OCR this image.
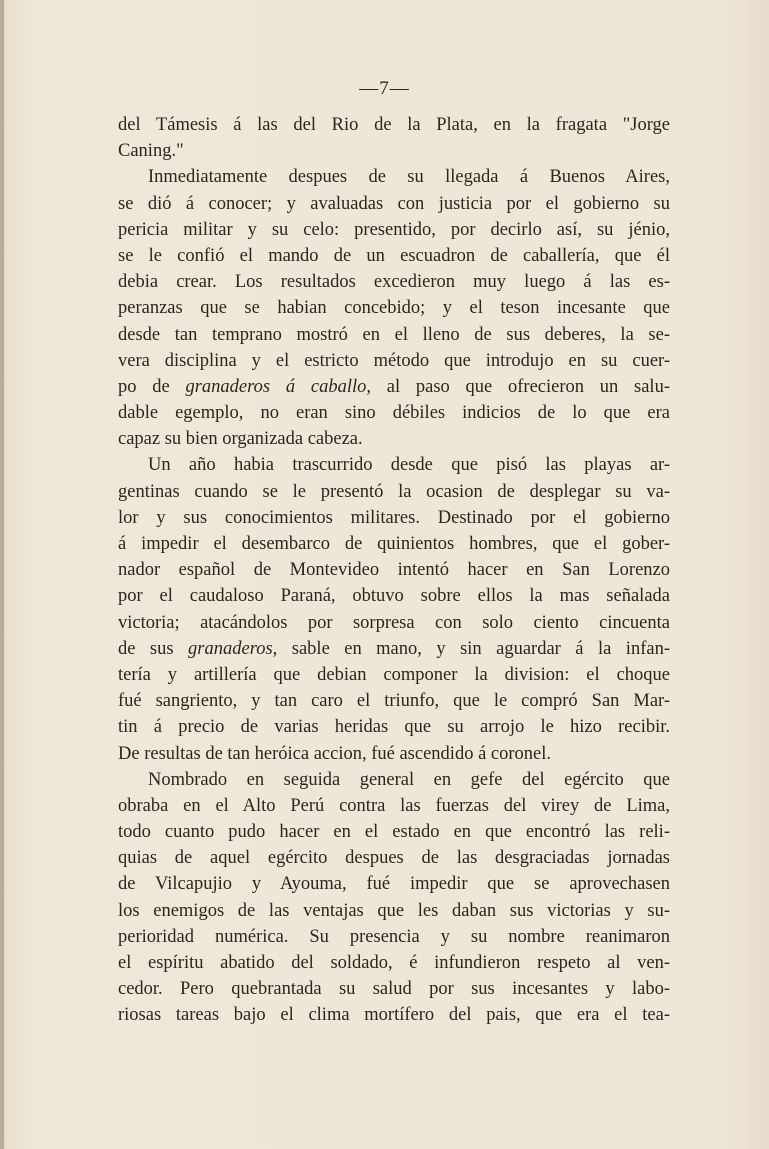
—7—
del Támesis á las del Rio de la Plata, en la fragata "Jorge
Caning."
Inmediatamente despues de su llegada á Buenos Aires,
se dió á conocer; y avaluadas con justicia por el gobierno su
pericia militar y su celo: presentido, por decirlo así, su jénio,
se le confió el mando de un escuadron de caballería, que él
debia crear. Los resultados excedieron muy luego á las es-
peranzas que se habian concebido; y el teson incesante que
desde tan temprano mostró en el lleno de sus deberes, la se-
vera disciplina y el estricto método que introdujo en su cuer-
po de granaderos á caballo, al paso que ofrecieron un salu-
dable egemplo, no eran sino débiles indicios de lo que era
capaz su bien organizada cabeza.
Un año habia trascurrido desde que pisó las playas ar-
gentinas cuando se le presentó la ocasion de desplegar su va-
lor y sus conocimientos militares. Destinado por el gobierno
á impedir el desembarco de quinientos hombres, que el gober-
nador español de Montevideo intentó hacer en San Lorenzo
por el caudaloso Paraná, obtuvo sobre ellos la mas señalada
victoria; atacándolos por sorpresa con solo ciento cincuenta
de sus granaderos, sable en mano, y sin aguardar á la infan-
tería y artillería que debian componer la division: el choque
fué sangriento, y tan caro el triunfo, que le compró San Mar-
tin á precio de varias heridas que su arrojo le hizo recibir.
De resultas de tan heróica accion, fué ascendido á coronel.
Nombrado en seguida general en gefe del egército que
obraba en el Alto Perú contra las fuerzas del virey de Lima,
todo cuanto pudo hacer en el estado en que encontró las reli-
quias de aquel egército despues de las desgraciadas jornadas
de Vilcapujio y Ayouma, fué impedir que se aprovechasen
los enemigos de las ventajas que les daban sus victorias y su-
perioridad numérica. Su presencia y su nombre reanimaron
el espíritu abatido del soldado, é infundieron respeto al ven-
cedor. Pero quebrantada su salud por sus incesantes y labo-
riosas tareas bajo el clima mortífero del pais, que era el tea-
